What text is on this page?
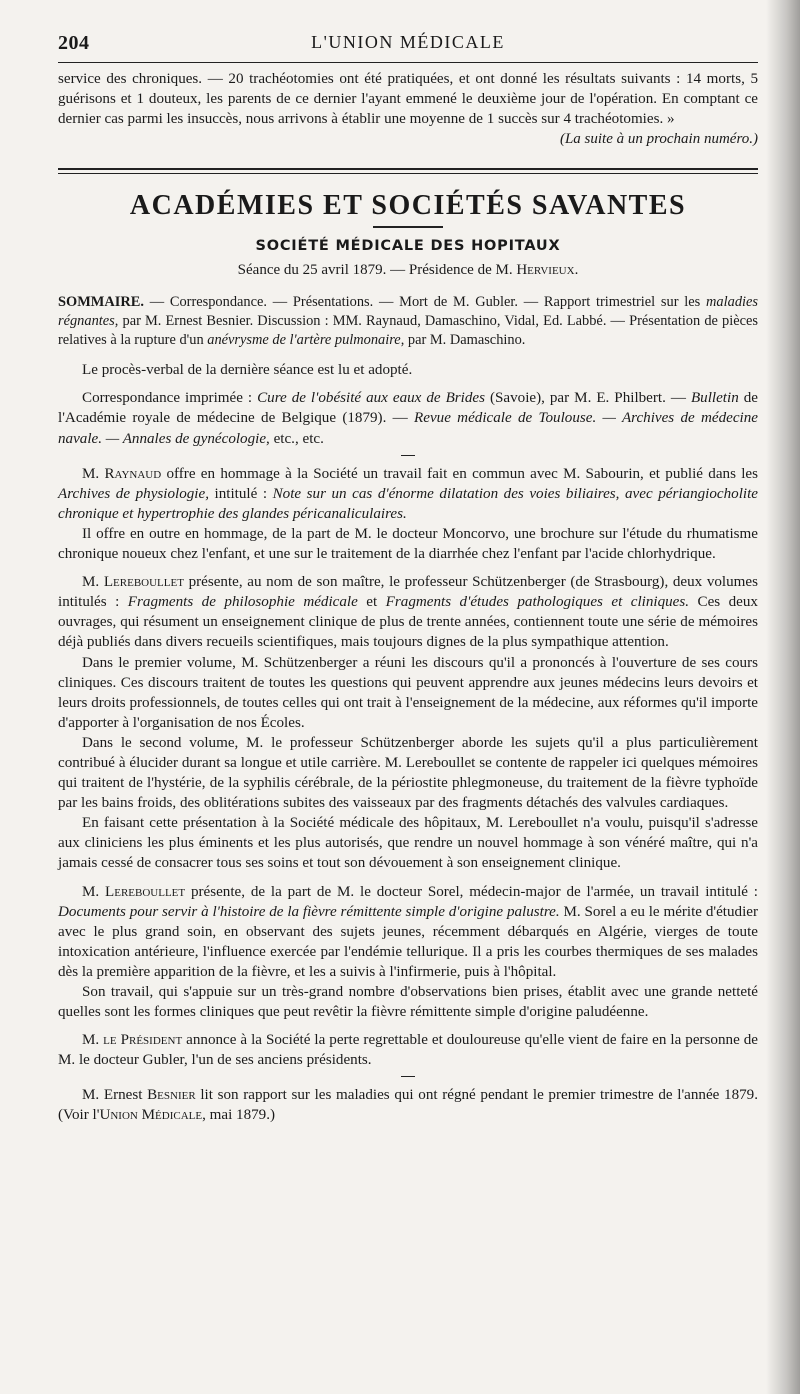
204	L'UNION MÉDICALE

service des chroniques. — 20 trachéotomies ont été pratiquées, et ont donné les résultats suivants : 14 morts, 5 guérisons et 1 douteux, les parents de ce dernier l'ayant emmené le deuxième jour de l'opération. En comptant ce dernier cas parmi les insuccès, nous arrivons à établir une moyenne de 1 succès sur 4 trachéotomies. »

(La suite à un prochain numéro.)
ACADÉMIES ET SOCIÉTÉS SAVANTES
SOCIÉTÉ MÉDICALE DES HOPITAUX
Séance du 25 avril 1879. — Présidence de M. Hervieux.

SOMMAIRE. — Correspondance. — Présentations. — Mort de M. Gubler. — Rapport trimestriel sur les maladies régnantes, par M. Ernest Besnier. Discussion : MM. Raynaud, Damaschino, Vidal, Ed. Labbé. — Présentation de pièces relatives à la rupture d'un anévrysme de l'artère pulmonaire, par M. Damaschino.

Le procès-verbal de la dernière séance est lu et adopté.

Correspondance imprimée : Cure de l'obésité aux eaux de Brides (Savoie), par M. E. Philbert. — Bulletin de l'Académie royale de médecine de Belgique (1879). — Revue médicale de Toulouse. — Archives de médecine navale. — Annales de gynécologie, etc., etc.

M. Raynaud offre en hommage à la Société un travail fait en commun avec M. Sabourin, et publié dans les Archives de physiologie, intitulé : Note sur un cas d'énorme dilatation des voies biliaires, avec périangiocholite chronique et hypertrophie des glandes péricanaliculaires.

Il offre en outre en hommage, de la part de M. le docteur Moncorvo, une brochure sur l'étude du rhumatisme chronique noueux chez l'enfant, et une sur le traitement de la diarrhée chez l'enfant par l'acide chlorhydrique.

M. Lereboullet présente, au nom de son maître, le professeur Schützenberger (de Strasbourg), deux volumes intitulés : Fragments de philosophie médicale et Fragments d'études pathologiques et cliniques. Ces deux ouvrages, qui résument un enseignement clinique de plus de trente années, contiennent toute une série de mémoires déjà publiés dans divers recueils scientifiques, mais toujours dignes de la plus sympathique attention.

Dans le premier volume, M. Schützenberger a réuni les discours qu'il a prononcés à l'ouverture de ses cours cliniques. Ces discours traitent de toutes les questions qui peuvent apprendre aux jeunes médecins leurs devoirs et leurs droits professionnels, de toutes celles qui ont trait à l'enseignement de la médecine, aux réformes qu'il importe d'apporter à l'organisation de nos Écoles.

Dans le second volume, M. le professeur Schützenberger aborde les sujets qu'il a plus particulièrement contribué à élucider durant sa longue et utile carrière. M. Lereboullet se contente de rappeler ici quelques mémoires qui traitent de l'hystérie, de la syphilis cérébrale, de la périostite phlegmoneuse, du traitement de la fièvre typhoïde par les bains froids, des oblitérations subites des vaisseaux par des fragments détachés des valvules cardiaques.

En faisant cette présentation à la Société médicale des hôpitaux, M. Lereboullet n'a voulu, puisqu'il s'adresse aux cliniciens les plus éminents et les plus autorisés, que rendre un nouvel hommage à son vénéré maître, qui n'a jamais cessé de consacrer tous ses soins et tout son dévouement à son enseignement clinique.

M. Lereboullet présente, de la part de M. le docteur Sorel, médecin-major de l'armée, un travail intitulé : Documents pour servir à l'histoire de la fièvre rémittente simple d'origine palustre. M. Sorel a eu le mérite d'étudier avec le plus grand soin, en observant des sujets jeunes, récemment débarqués en Algérie, vierges de toute intoxication antérieure, l'influence exercée par l'endémie tellurique. Il a pris les courbes thermiques de ses malades dès la première apparition de la fièvre, et les a suivis à l'infirmerie, puis à l'hôpital.

Son travail, qui s'appuie sur un très-grand nombre d'observations bien prises, établit avec une grande netteté quelles sont les formes cliniques que peut revêtir la fièvre rémittente simple d'origine paludéenne.

M. le Président annonce à la Société la perte regrettable et douloureuse qu'elle vient de faire en la personne de M. le docteur Gubler, l'un de ses anciens présidents.

M. Ernest Besnier lit son rapport sur les maladies qui ont régné pendant le premier trimestre de l'année 1879. (Voir l'Union Médicale, mai 1879.)
